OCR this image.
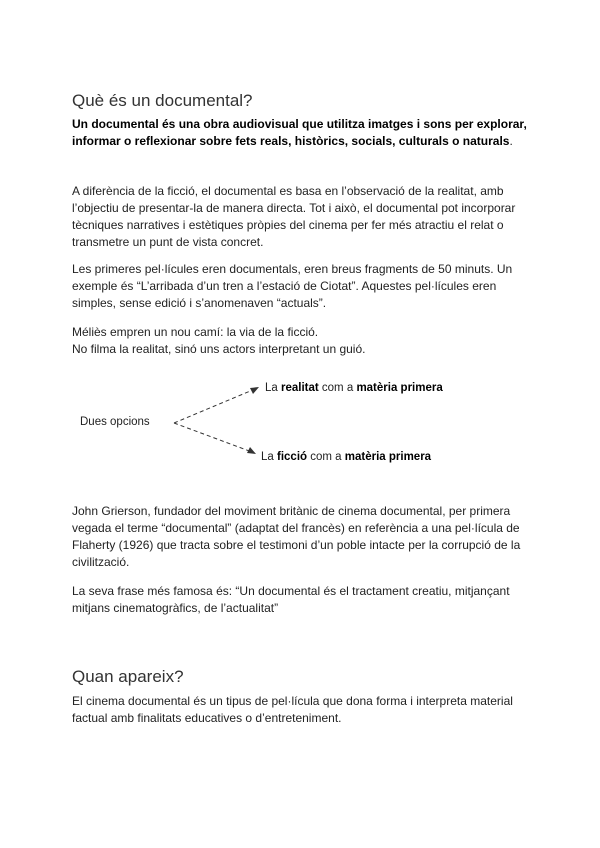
Què és un documental?

Un documental és una obra audiovisual que utilitza imatges i sons per explorar, informar o reflexionar sobre fets reals, històrics, socials, culturals o naturals.

A diferència de la ficció, el documental es basa en l’observació de la realitat, amb l’objectiu de presentar-la de manera directa. Tot i això, el documental pot incorporar tècniques narratives i estètiques pròpies del cinema per fer més atractiu el relat o transmetre un punt de vista concret.

Les primeres pel·lícules eren documentals, eren breus fragments de 50 minuts. Un exemple és “L’arribada d’un tren a l’estació de Ciotat”. Aquestes pel·lícules eren simples, sense edició i s’anomenaven “actuals”.

Méliès empren un nou camí: la via de la ficció.
No filma la realitat, sinó uns actors interpretant un guió.

Dues opcions
La realitat com a matèria primera
La ficció com a matèria primera

John Grierson, fundador del moviment britànic de cinema documental, per primera vegada el terme “documental” (adaptat del francès) en referència a una pel·lícula de Flaherty (1926) que tracta sobre el testimoni d’un poble intacte per la corrupció de la civilització.

La seva frase més famosa és: “Un documental és el tractament creatiu, mitjançant mitjans cinematogràfics, de l’actualitat”

Quan apareix?

El cinema documental és un tipus de pel·lícula que dona forma i interpreta material factual amb finalitats educatives o d’entreteniment.
